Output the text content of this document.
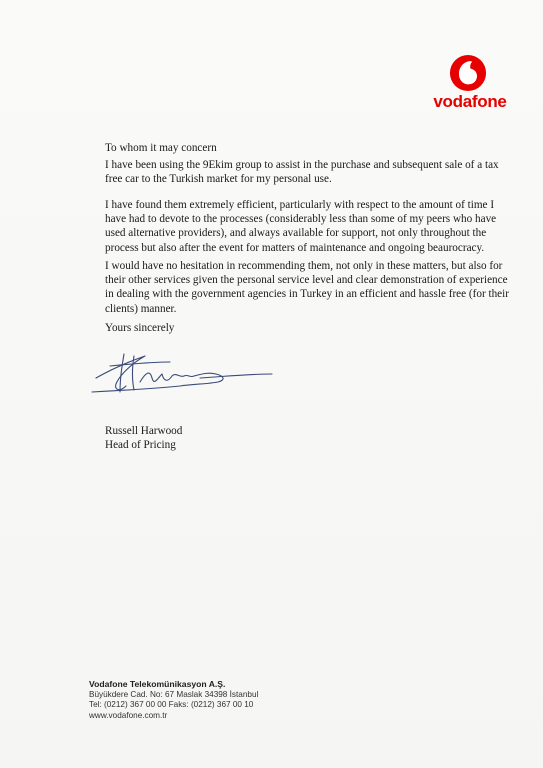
vodafone

To whom it may concern

I have been using the 9Ekim group to assist in the purchase and subsequent sale of a tax free car to the Turkish market for my personal use.

I have found them extremely efficient, particularly with respect to the amount of time I have had to devote to the processes (considerably less than some of my peers who have used alternative providers), and always available for support, not only throughout the process but also after the event for matters of maintenance and ongoing beaurocracy.

I would have no hesitation in recommending them, not only in these matters, but also for their other services given the personal service level and clear demonstration of experience in dealing with the government agencies in Turkey in an efficient and hassle free (for their clients) manner.

Yours sincerely

Russell Harwood

Head of Pricing

Vodafone Telekomünikasyon A.Ş.
Büyükdere Cad. No: 67 Maslak 34398 İstanbul
Tel: (0212) 367 00 00 Faks: (0212) 367 00 10
www.vodafone.com.tr
